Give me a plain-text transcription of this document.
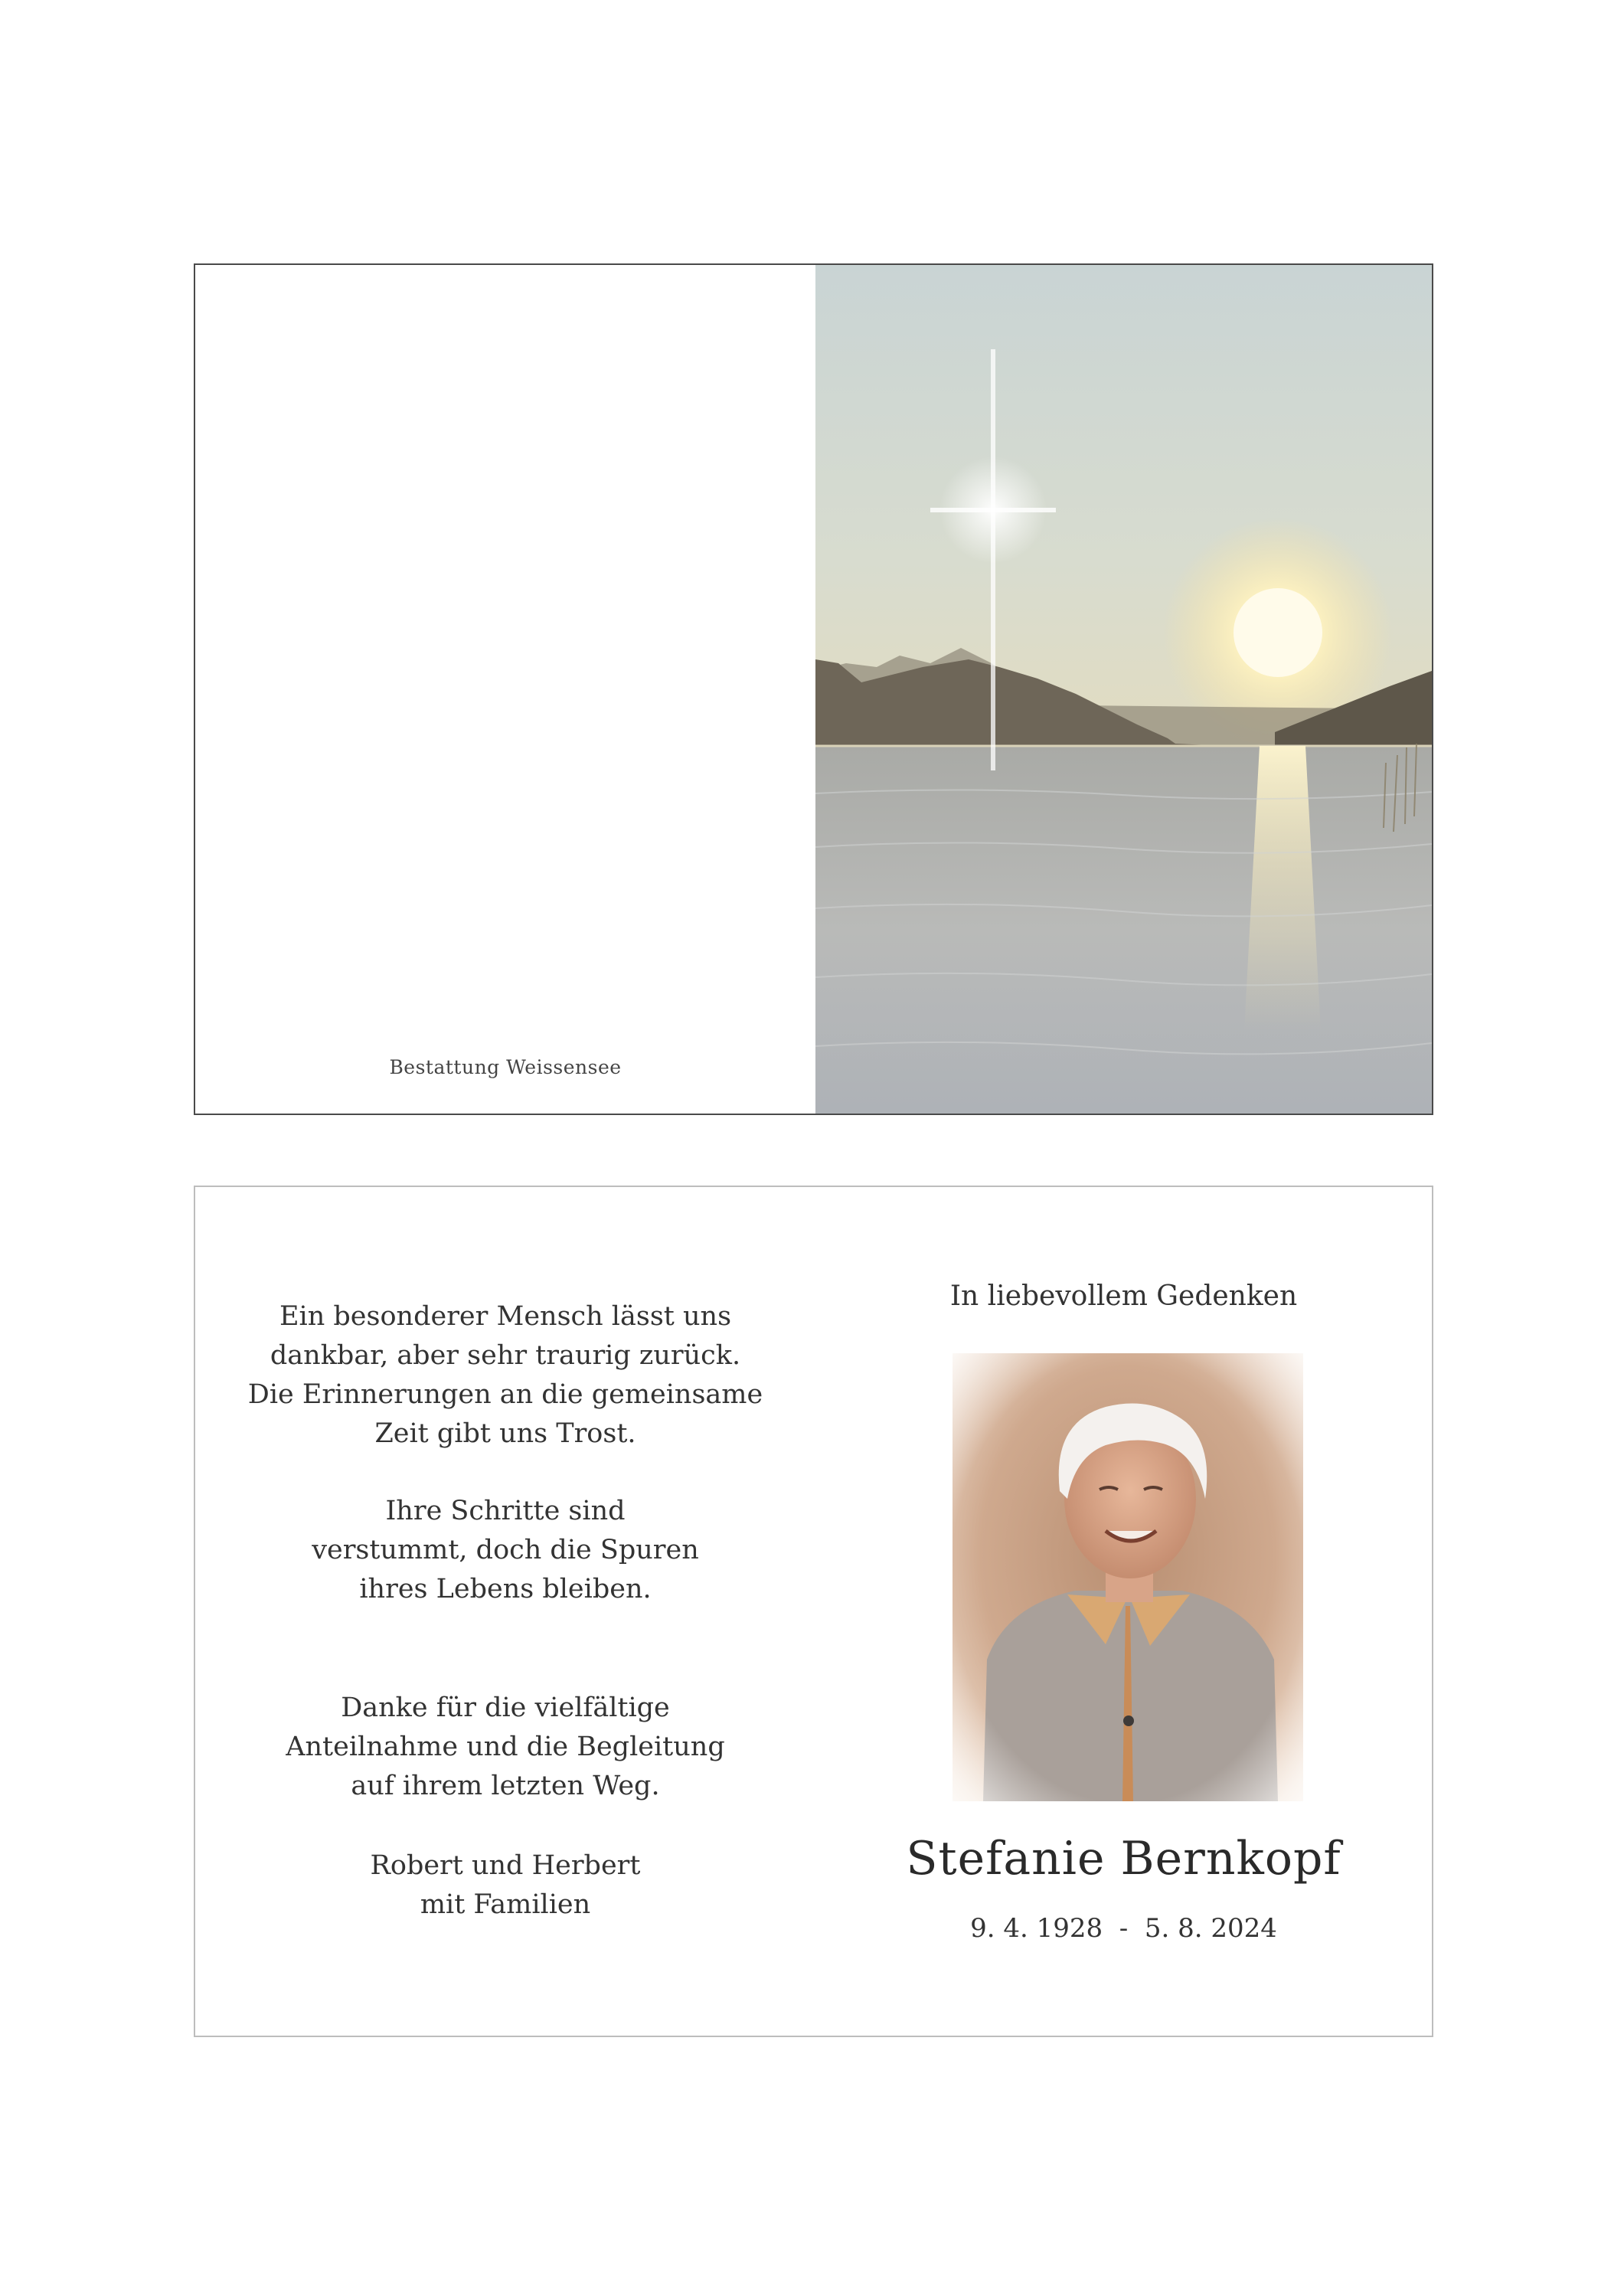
Bestattung Weissensee
Ein besonderer Mensch lässt uns
dankbar, aber sehr traurig zurück.
Die Erinnerungen an die gemeinsame
Zeit gibt uns Trost.
Ihre Schritte sind
verstummt, doch die Spuren
ihres Lebens bleiben.
Danke für die vielfältige
Anteilnahme und die Begleitung
auf ihrem letzten Weg.
Robert und Herbert
mit Familien
In liebevollem Gedenken
Stefanie Bernkopf
9. 4. 1928  -  5. 8. 2024
